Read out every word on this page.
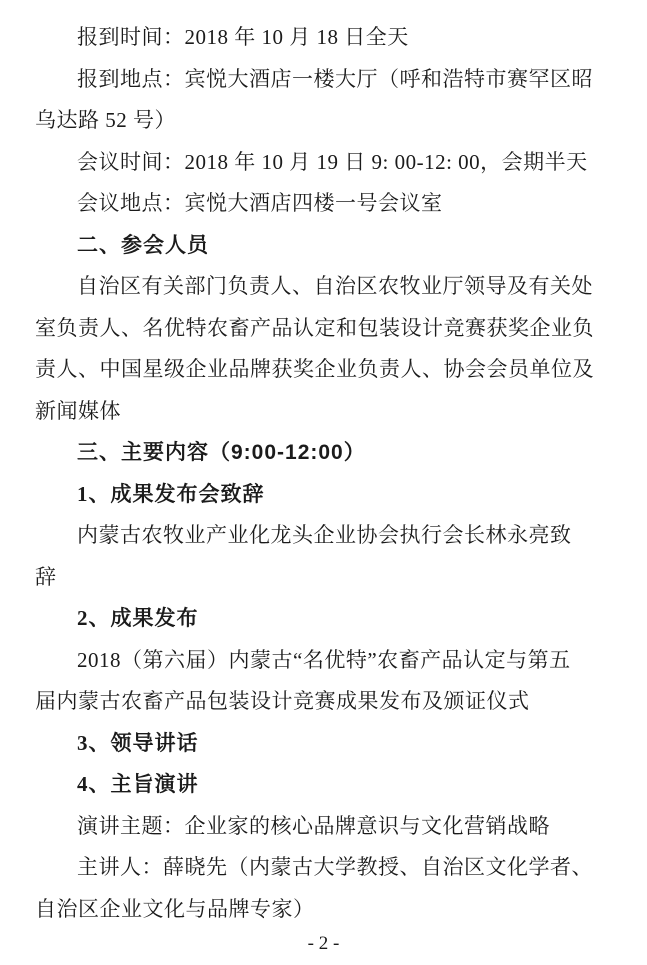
报到时间：2018 年 10 月 18 日全天
报到地点：宾悦大酒店一楼大厅（呼和浩特市赛罕区昭
乌达路 52 号）
会议时间：2018 年 10 月 19 日 9: 00-12: 00，会期半天
会议地点：宾悦大酒店四楼一号会议室
二、参会人员
自治区有关部门负责人、自治区农牧业厅领导及有关处
室负责人、名优特农畜产品认定和包装设计竞赛获奖企业负
责人、中国星级企业品牌获奖企业负责人、协会会员单位及
新闻媒体
三、主要内容（9:00-12:00）
1、成果发布会致辞
内蒙古农牧业产业化龙头企业协会执行会长林永亮致
辞
2、成果发布
2018（第六届）内蒙古“名优特”农畜产品认定与第五
届内蒙古农畜产品包装设计竞赛成果发布及颁证仪式
3、领导讲话
4、主旨演讲
演讲主题：企业家的核心品牌意识与文化营销战略
主讲人：薛晓先（内蒙古大学教授、自治区文化学者、
自治区企业文化与品牌专家）
- 2 -
